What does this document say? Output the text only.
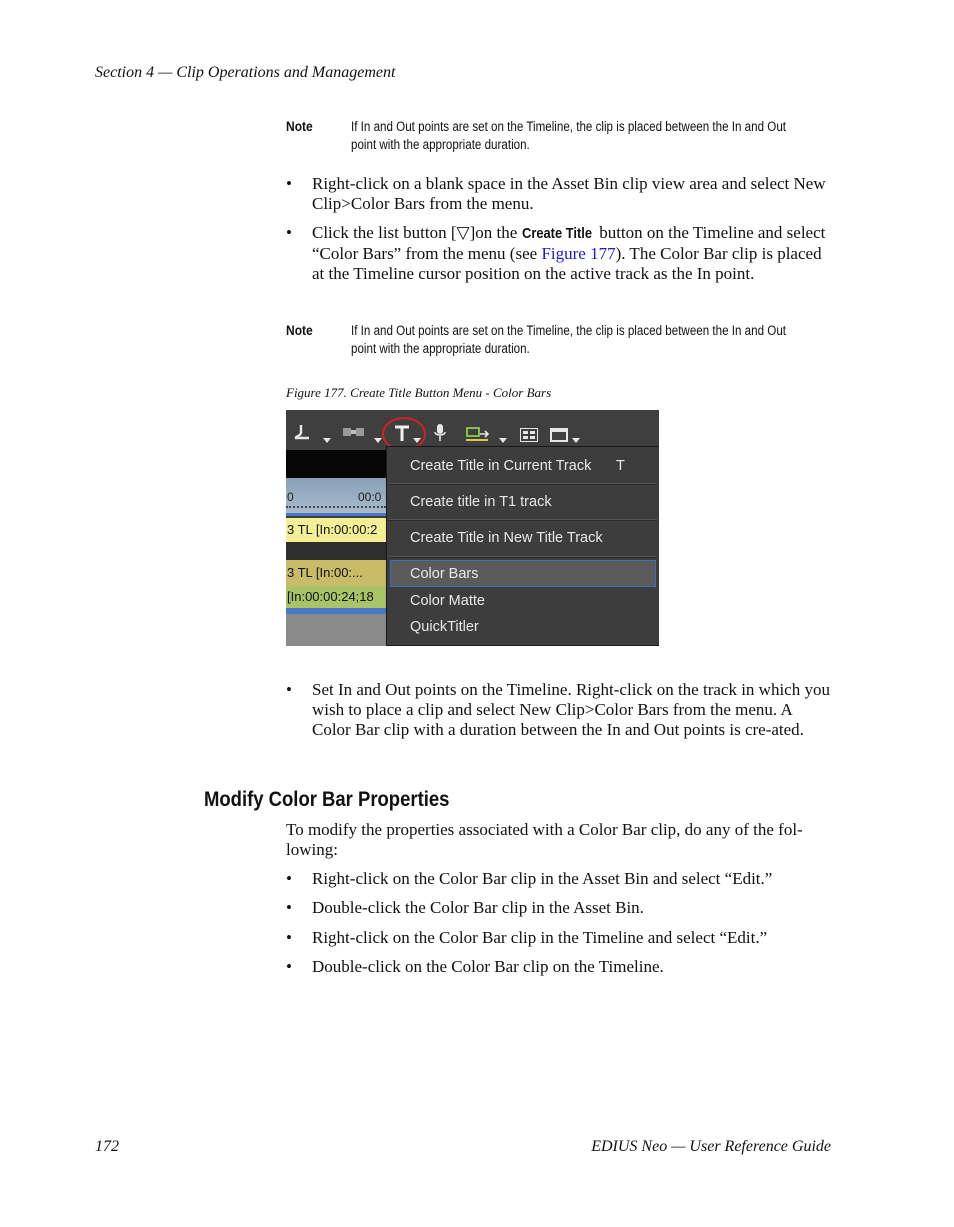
Section 4 — Clip Operations and Management
Note	If In and Out points are set on the Timeline, the clip is placed between the In and Out point with the appropriate duration.
• Right-click on a blank space in the Asset Bin clip view area and select New Clip>Color Bars from the menu.
• Click the list button [▽]on the Create Title button on the Timeline and select “Color Bars” from the menu (see Figure 177). The Color Bar clip is placed at the Timeline cursor position on the active track as the In point.
Note	If In and Out points are set on the Timeline, the clip is placed between the In and Out point with the appropriate duration.
Figure 177. Create Title Button Menu - Color Bars
0	00:0
3 TL [In:00:00:2
3 TL [In:00:...
[In:00:00:24;18
Create Title in Current Track T
Create title in T1 track
Create Title in New Title Track
Color Bars
Color Matte
QuickTitler
• Set In and Out points on the Timeline. Right-click on the track in which you wish to place a clip and select New Clip>Color Bars from the menu. A Color Bar clip with a duration between the In and Out points is cre-ated.
Modify Color Bar Properties
To modify the properties associated with a Color Bar clip, do any of the fol-lowing:
• Right-click on the Color Bar clip in the Asset Bin and select “Edit.”
• Double-click the Color Bar clip in the Asset Bin.
• Right-click on the Color Bar clip in the Timeline and select “Edit.”
• Double-click on the Color Bar clip on the Timeline.
172	EDIUS Neo — User Reference Guide
